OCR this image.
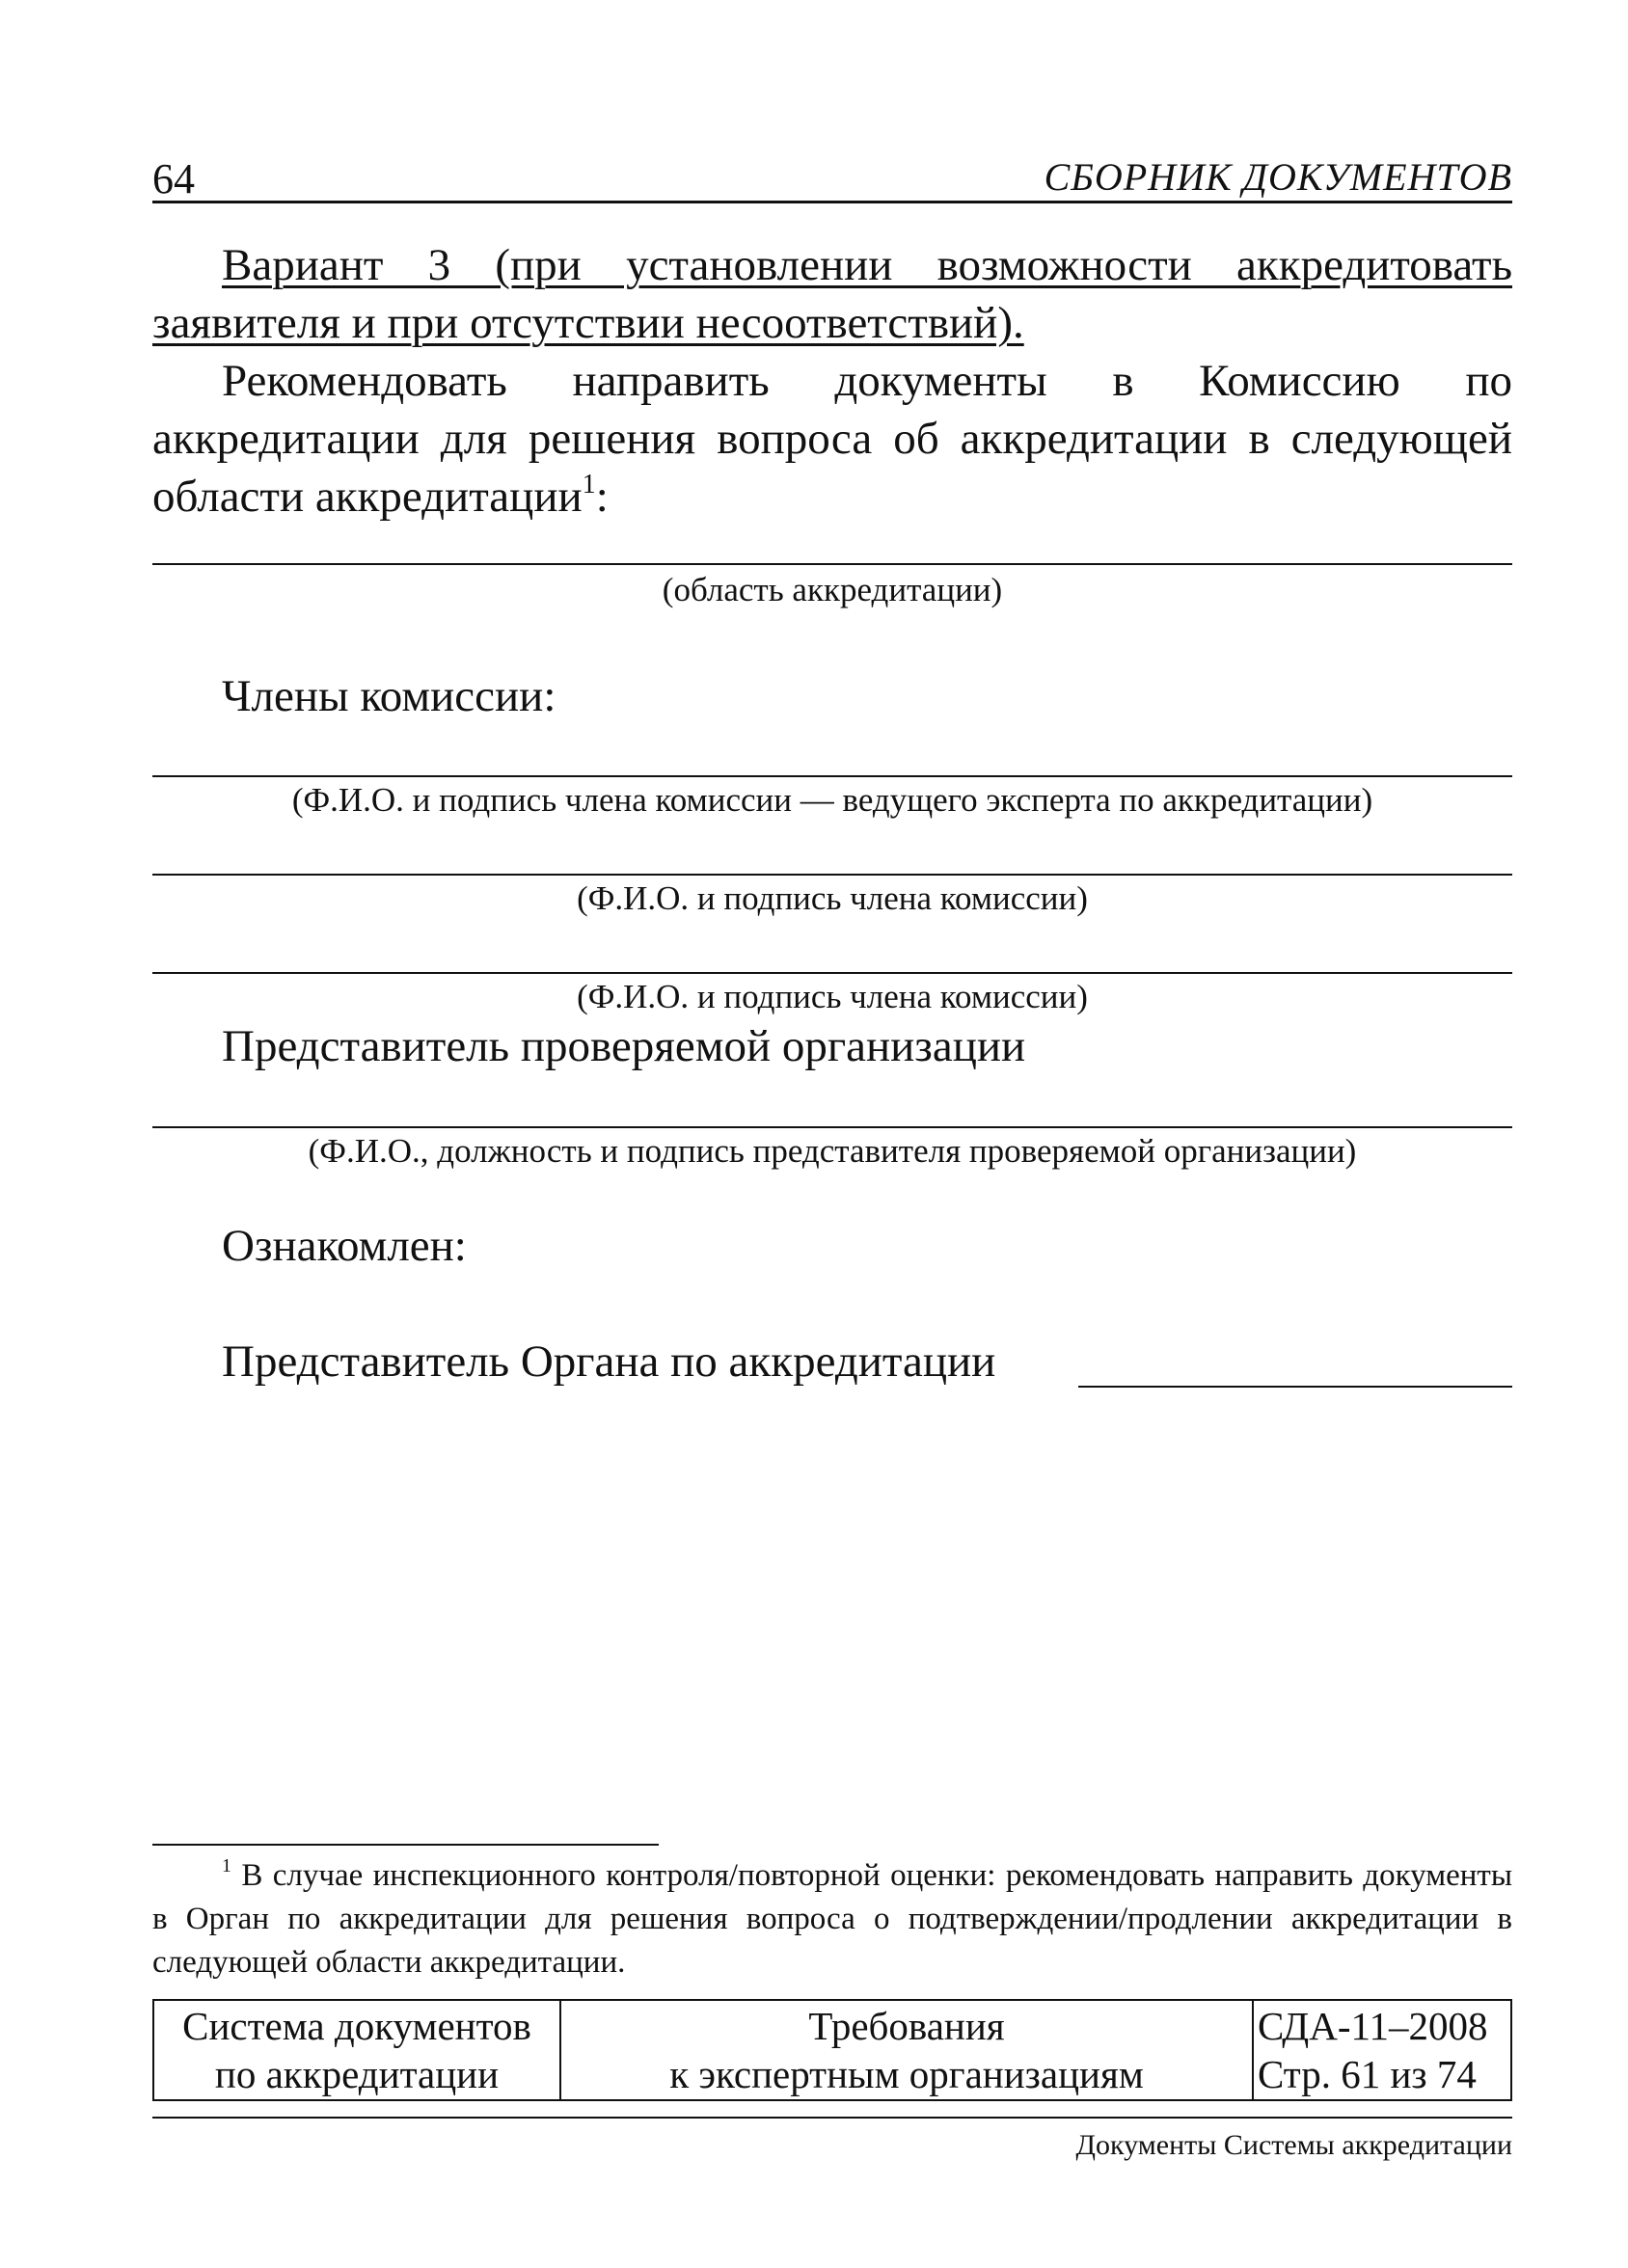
64	СБОРНИК ДОКУМЕНТОВ
Вариант 3 (при установлении возможности аккредитовать заявителя и при отсутствии несоответствий).
Рекомендовать направить документы в Комиссию по аккредитации для решения вопроса об аккредитации в следующей области аккредитации$^1$:
(область аккредитации)
Члены комиссии:
(Ф.И.О. и подпись члена комиссии — ведущего эксперта по аккредитации)
(Ф.И.О. и подпись члена комиссии)
(Ф.И.О. и подпись члена комиссии)
Представитель проверяемой организации
(Ф.И.О., должность и подпись представителя проверяемой организации)
Ознакомлен:
Представитель Органа по аккредитации
$^1$ В случае инспекционного контроля/повторной оценки: рекомендовать направить документы в Орган по аккредитации для решения вопроса о подтверждении/продлении аккредитации в следующей области аккредитации.
Система документов
по аккредитации
Требования
к экспертным организациям
СДА-11–2008
Стр. 61 из 74
Документы Системы аккредитации
